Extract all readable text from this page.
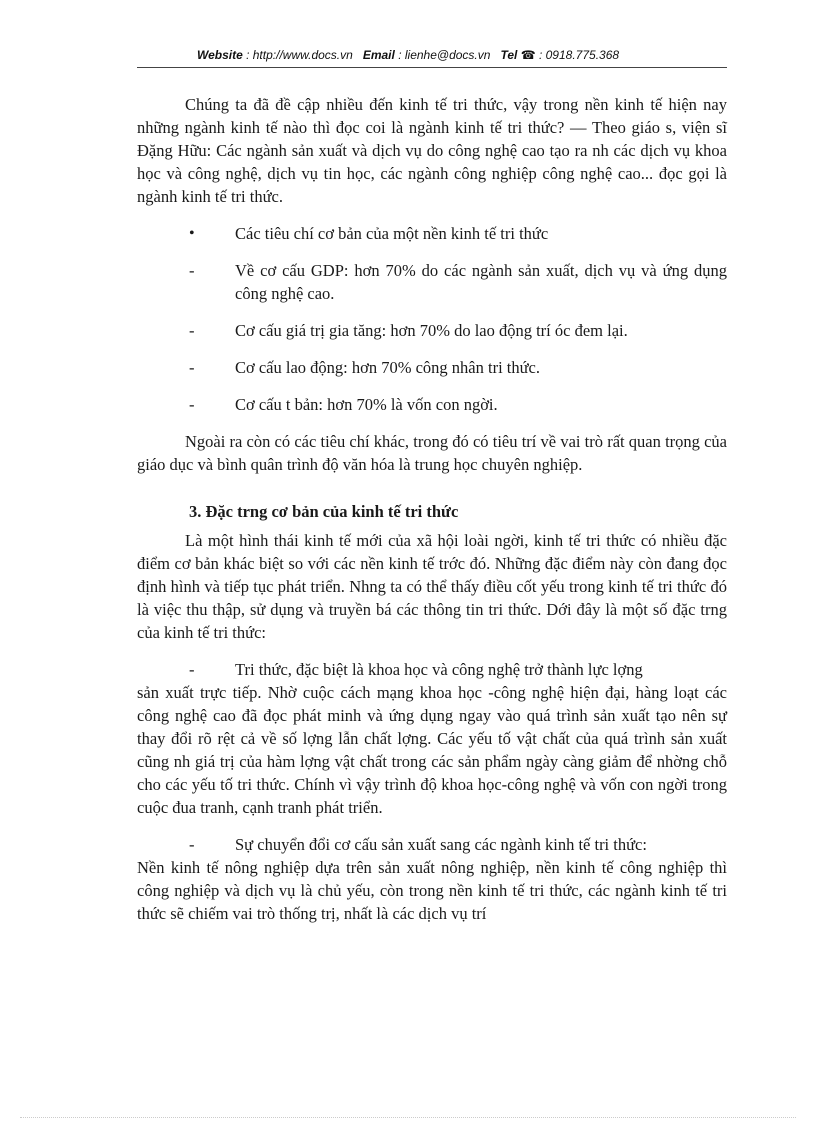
Website : http://www.docs.vn Email : lienhe@docs.vn Tel ☎ : 0918.775.368

Chúng ta đã đề cập nhiều đến kinh tế tri thức, vậy trong nền kinh tế hiện nay những ngành kinh tế nào thì đọc coi là ngành kinh tế tri thức? — Theo giáo s, viện sĩ Đặng Hữu: Các ngành sản xuất và dịch vụ do công nghệ cao tạo ra nh các dịch vụ khoa học và công nghệ, dịch vụ tin học, các ngành công nghiệp công nghệ cao... đọc gọi là ngành kinh tế tri thức.

•	Các tiêu chí cơ bản của một nền kinh tế tri thức
-	Về cơ cấu GDP: hơn 70% do các ngành sản xuất, dịch vụ và ứng dụng công nghệ cao.
-	Cơ cấu giá trị gia tăng: hơn 70% do lao động trí óc đem lại.
-	Cơ cấu lao động: hơn 70% công nhân tri thức.
-	Cơ cấu t bản: hơn 70% là vốn con ngời.

Ngoài ra còn có các tiêu chí khác, trong đó có tiêu trí về vai trò rất quan trọng của giáo dục và bình quân trình độ văn hóa là trung học chuyên nghiệp.

3. Đặc trng cơ bản của kinh tế tri thức

Là một hình thái kinh tế mới của xã hội loài ngời, kinh tế tri thức có nhiều đặc điểm cơ bản khác biệt so với các nền kinh tế trớc đó. Những đặc điểm này còn đang đọc định hình và tiếp tục phát triển. Nhng ta có thể thấy điều cốt yếu trong kinh tế tri thức đó là việc thu thập, sử dụng và truyền bá các thông tin tri thức. Dới đây là một số đặc trng của kinh tế tri thức:

-	Tri thức, đặc biệt là khoa học và công nghệ trở thành lực lợng
sản xuất trực tiếp. Nhờ cuộc cách mạng khoa học -công nghệ hiện đại, hàng loạt các công nghệ cao đã đọc phát minh và ứng dụng ngay vào quá trình sản xuất tạo nên sự thay đổi rõ rệt cả về số lợng lẫn chất lợng. Các yếu tố vật chất của quá trình sản xuất cũng nh giá trị của hàm lợng vật chất trong các sản phẩm ngày càng giảm để nhờng chỗ cho các yếu tố tri thức. Chính vì vậy trình độ khoa học-công nghệ và vốn con ngời trong cuộc đua tranh, cạnh tranh phát triển.
-	Sự chuyển đổi cơ cấu sản xuất sang các ngành kinh tế tri thức:
Nền kinh tế nông nghiệp dựa trên sản xuất nông nghiệp, nền kinh tế công nghiệp thì công nghiệp và dịch vụ là chủ yếu, còn trong nền kinh tế tri thức, các ngành kinh tế tri thức sẽ chiếm vai trò thống trị, nhất là các dịch vụ trí
